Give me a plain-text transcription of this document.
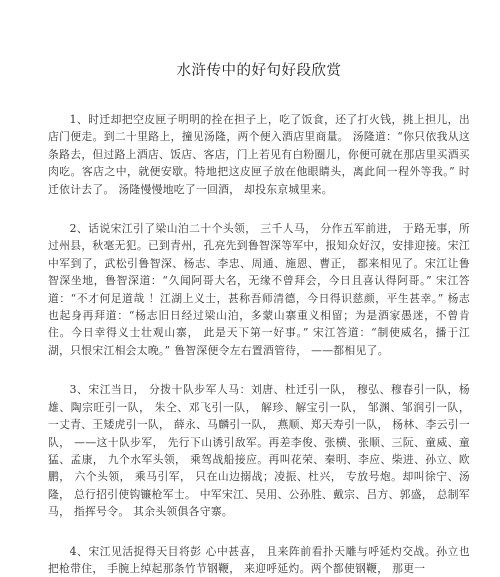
水浒传中的好句好段欣赏

1、时迁却把空皮匣子明明的拴在担子上，吃了饭食，还了打火钱，挑上担儿，出店门便走。到二十里路上，撞见汤隆，两个便入酒店里商量。 汤隆道：“你只依我从这条路去，但过路上酒店、饭店、客店，门上若见有白粉圈儿，你便可就在那店里买酒买肉吃。客店之中，就便安歇。特地把这皮匣子放在他眼睛头，离此间一程外等我。” 时迁依计去了。 汤隆慢慢地吃了一回酒， 却投东京城里来。

2、话说宋江引了梁山泊二十个头领， 三千人马， 分作五军前进， 于路无事，所过州县，秋毫无犯。已到青州，孔亮先到鲁智深等军中，报知众好汉，安排迎接。宋江中军到了，武松引鲁智深、杨志、李忠、周通、施恩、曹正， 都来相见了。宋江让鲁智深坐地，鲁智深道：“久闻阿哥大名，无缘不曾拜会，今日且喜认得阿哥。” 宋江答道：“不才何足道哉 ！江湖上义士，甚称吾师清德，今日得识慈颜，平生甚幸。” 杨志也起身再拜道：“杨志旧日经过梁山泊，多蒙山寨重义相留；为是酒家愚迷，不曾肯住。今日幸得义士壮观山寨， 此是天下第一好事。” 宋江答道：“制使威名，播于江湖，只恨宋江相会太晚。” 鲁智深便令左右置酒管待， ——都相见了。

3、宋江当日， 分拨十队步军人马：刘唐、杜迁引一队， 穆弘、穆春引一队，杨雄、陶宗旺引一队， 朱仝、邓飞引一队， 解珍、解宝引一队， 邹渊、邹润引一队， 一丈青、王矮虎引一队， 薛永、马麟引一队， 燕顺、郑天寿引一队， 杨林、李云引一队， ——这十队步军， 先行下山诱引敌军。再差李俊、张横、张顺、三阮、童威、童猛、孟康， 九个水军头领， 乘驾战船接应。再叫花荣、秦明、李应、柴进、孙立、欧鹏， 六个头领， 乘马引军， 只在山边搦战；凌振、杜兴， 专放号炮。却叫徐宁、汤隆， 总行招引使钩镰枪军士。 中军宋江、吴用、公孙胜、戴宗、吕方、郭盛， 总制军马， 指挥号令。 其余头领俱各守寨。

4、宋江见活捉得天目将彭 心中甚喜， 且来阵前看扑天雕与呼延灼交战。孙立也把枪带住， 手腕上绰起那条竹节钢鞭， 来迎呼延灼。两个都使钢鞭， 那更一
